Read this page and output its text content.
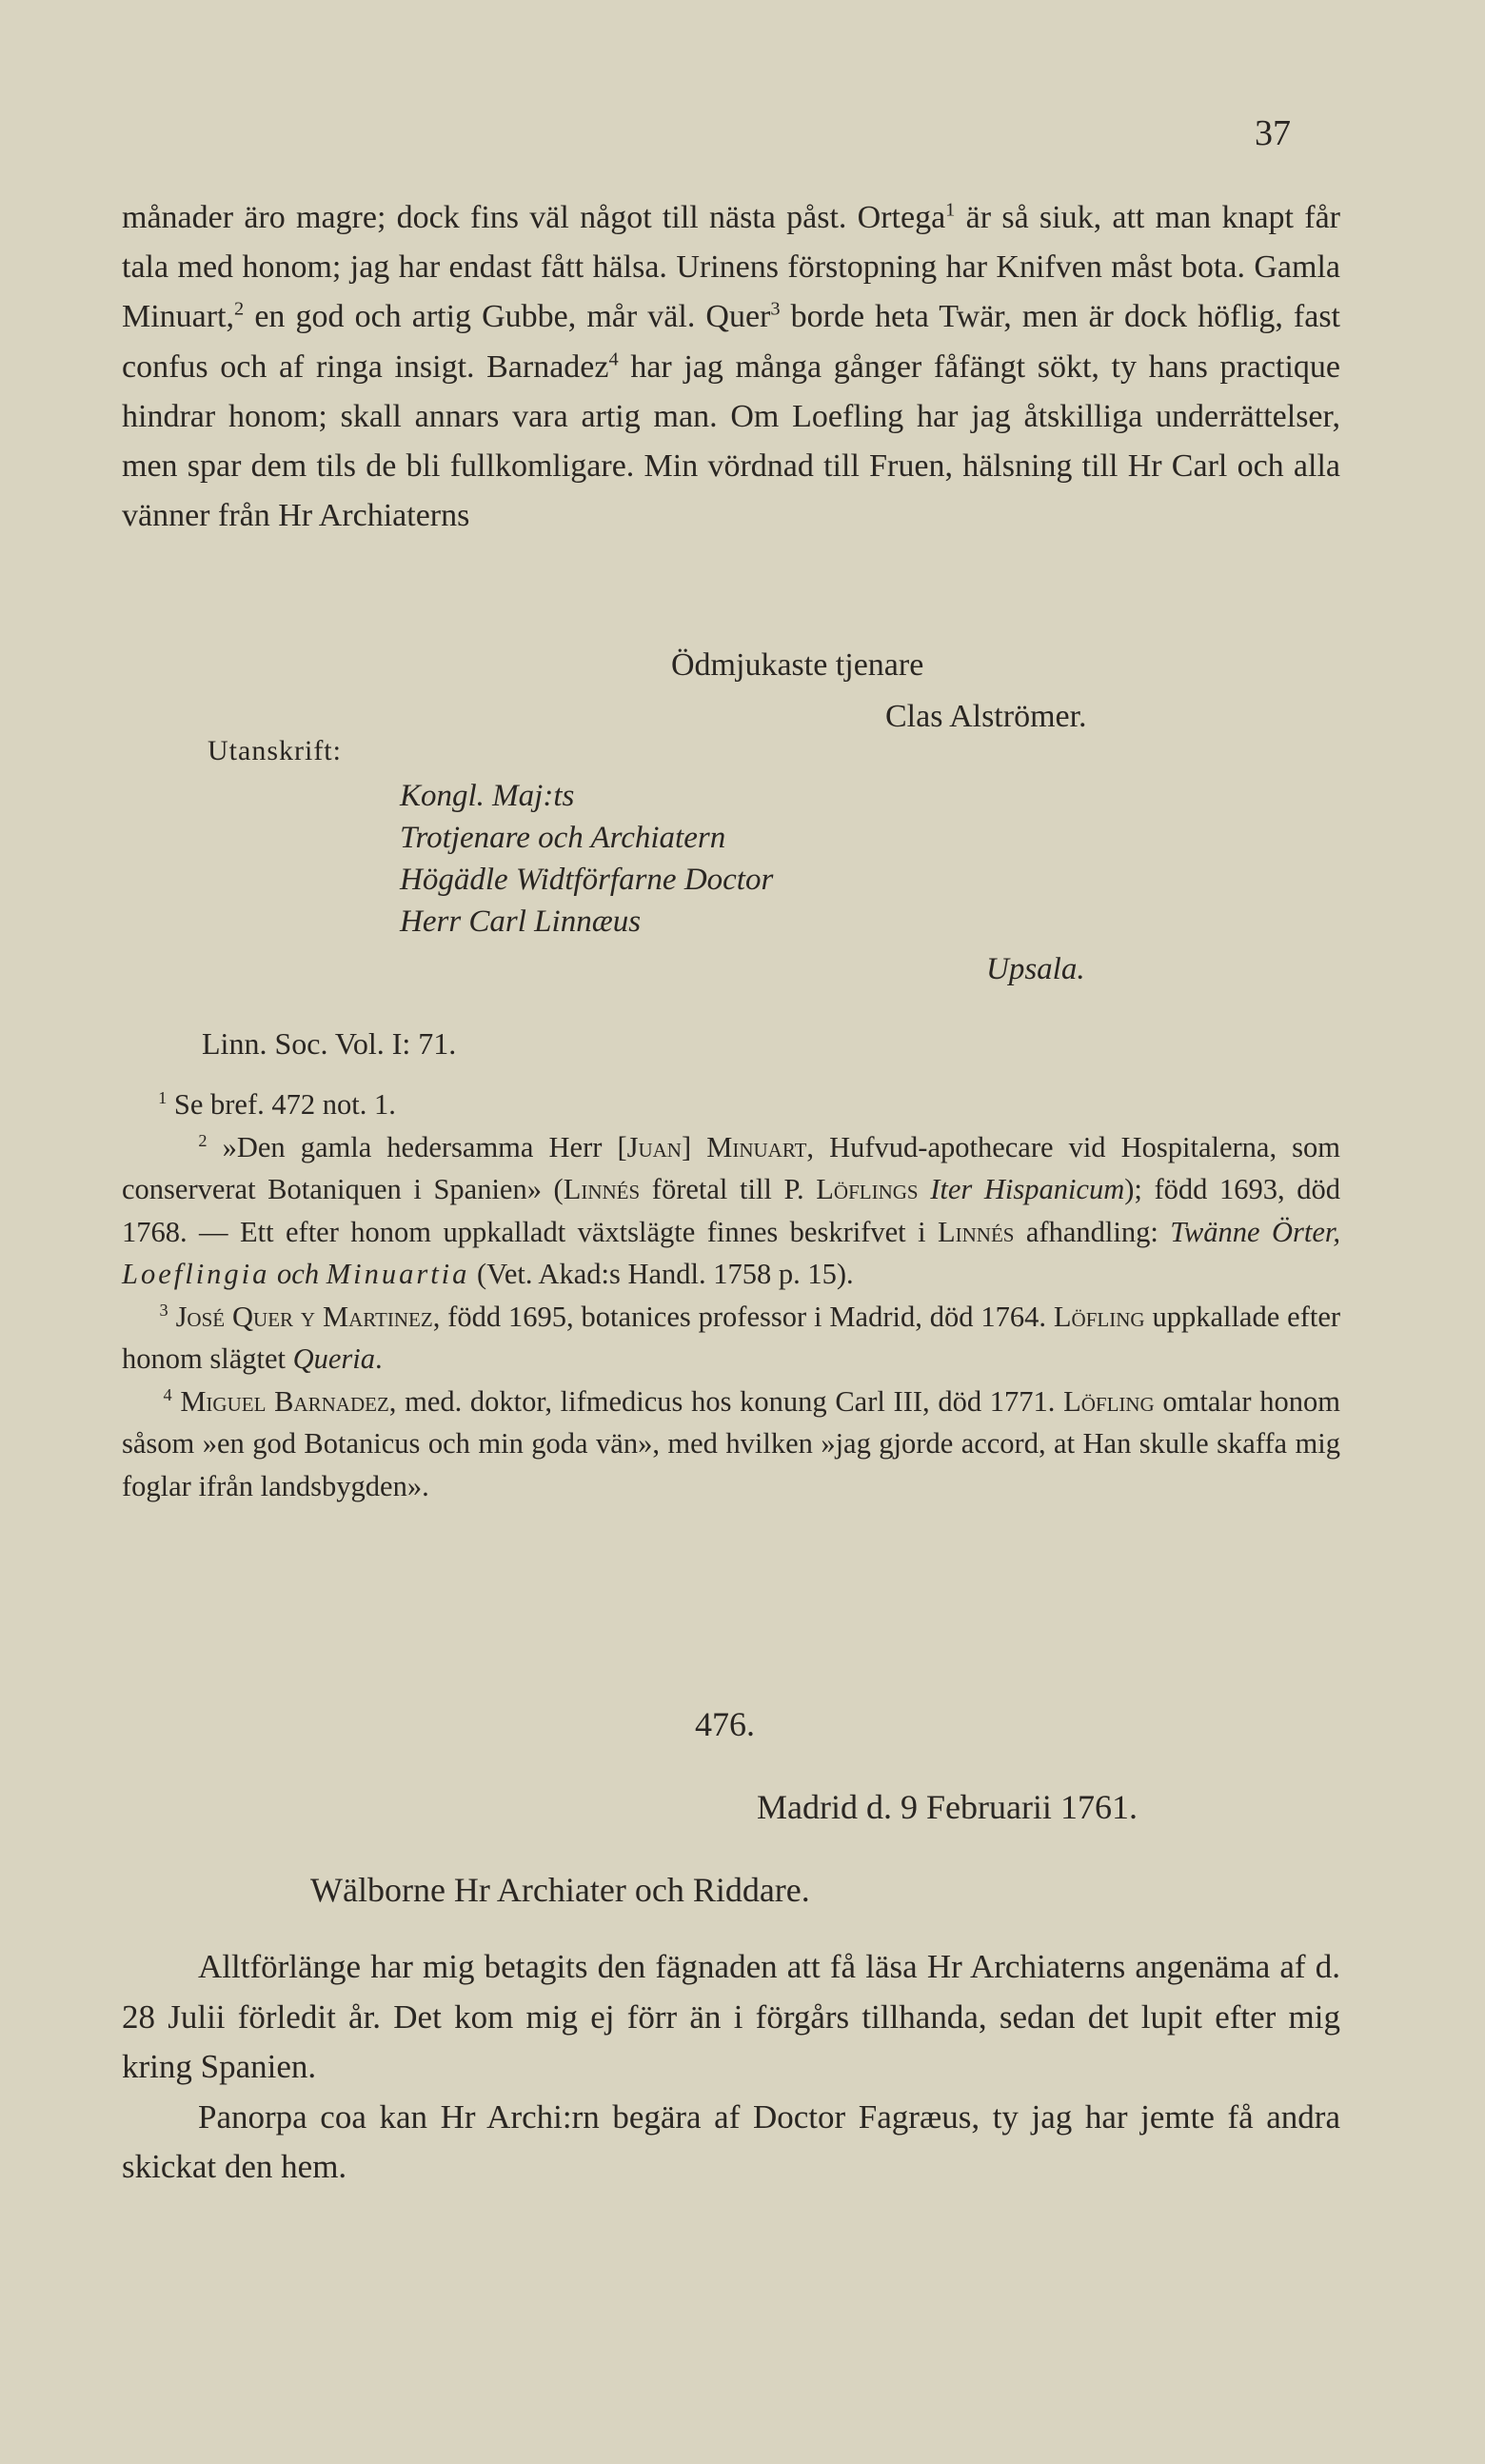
37

månader äro magre; dock fins väl något till nästa påst. Ortega$^1$ är så siuk, att man knapt får tala med honom; jag har endast fått hälsa. Urinens förstopning har Knifven måst bota. Gamla Minuart,$^2$ en god och artig Gubbe, mår väl. Quer$^3$ borde heta Twär, men är dock höflig, fast confus och af ringa insigt. Barnadez$^4$ har jag många gånger fåfängt sökt, ty hans practique hindrar honom; skall annars vara artig man. Om Loefling har jag åtskilliga underrättelser, men spar dem tils de bli fullkomligare. Min vördnad till Fruen, hälsning till Hr Carl och alla vänner från Hr Archiaterns

Ödmjukaste tjenare
Clas Alströmer.
Utanskrift:
Kongl. Maj:ts
Trotjenare och Archiatern
Högädle Widtförfarne Doctor
Herr Carl Linnæus
Upsala.
Linn. Soc. Vol. I: 71.

$^1$ Se bref. 472 not. 1.

$^2$ »Den gamla hedersamma Herr [Juan] Minuart, Hufvud-apothecare vid Hospitalerna, som conserverat Botaniquen i Spanien» (Linnés företal till P. Löflings Iter Hispanicum); född 1693, död 1768. — Ett efter honom uppkalladt växtslägte finnes beskrifvet i Linnés afhandling: Twänne Örter, Loeflingia och Minuartia (Vet. Akad:s Handl. 1758 p. 15).

$^3$ José Quer y Martinez, född 1695, botanices professor i Madrid, död 1764. Löfling uppkallade efter honom slägtet Queria.

$^4$ Miguel Barnadez, med. doktor, lifmedicus hos konung Carl III, död 1771. Löfling omtalar honom såsom »en god Botanicus och min goda vän», med hvilken »jag gjorde accord, at Han skulle skaffa mig foglar ifrån landsbygden».

476.
Madrid d. 9 Februarii 1761.
Wälborne Hr Archiater och Riddare.

Alltförlänge har mig betagits den fägnaden att få läsa Hr Archiaterns angenäma af d. 28 Julii förledit år. Det kom mig ej förr än i förgårs tillhanda, sedan det lupit efter mig kring Spanien.

Panorpa coa kan Hr Archi:rn begära af Doctor Fagræus, ty jag har jemte få andra skickat den hem.
